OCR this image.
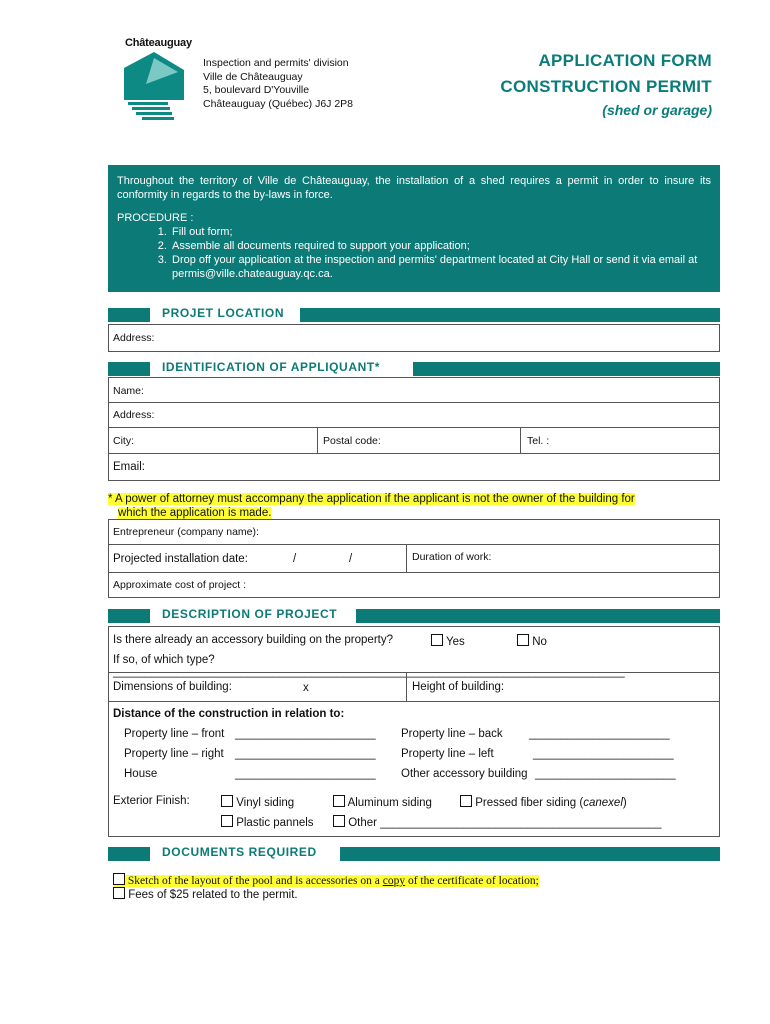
Châteauguay
Inspection and permits' division
Ville de Châteauguay
5, boulevard D'Youville
Châteauguay (Québec) J6J 2P8
APPLICATION FORM
CONSTRUCTION PERMIT
(shed or garage)

Throughout the territory of Ville de Châteauguay, the installation of a shed requires a permit in order to insure its conformity in regards to the by-laws in force.

PROCEDURE :

1. Fill out form;
2. Assemble all documents required to support your application;
3. Drop off your application at the inspection and permits' department located at City Hall or send it via email at permis@ville.chateauguay.qc.ca.
PROJET LOCATION
Address:
IDENTIFICATION OF APPLIQUANT*
Name:
Address:
City:	Postal code:	Tel. :
Email:
* A power of attorney must accompany the application if the applicant is not the owner of the building for
which the application is made.
Entrepreneur (company name):
Projected installation date:	/	/	Duration of work:
Approximate cost of project :
DESCRIPTION OF PROJECT
Is there already an accessory building on the property?	Yes	No
If so, of which type? ________________________________________________________________________________
Dimensions of building:	x	Height of building:
Distance of the construction in relation to:
Property line – front ______________________ Property line – back ______________________
Property line – right ______________________ Property line – left	______________________
House	______________________ Other accessory building ______________________
Exterior Finish:	Vinyl siding	Aluminum siding	Pressed fiber siding (canexel)
Plastic pannels	Other ____________________________________________
DOCUMENTS REQUIRED
Sketch of the layout of the pool and is accessories on a copy of the certificate of location;
Fees of $25 related to the permit.
